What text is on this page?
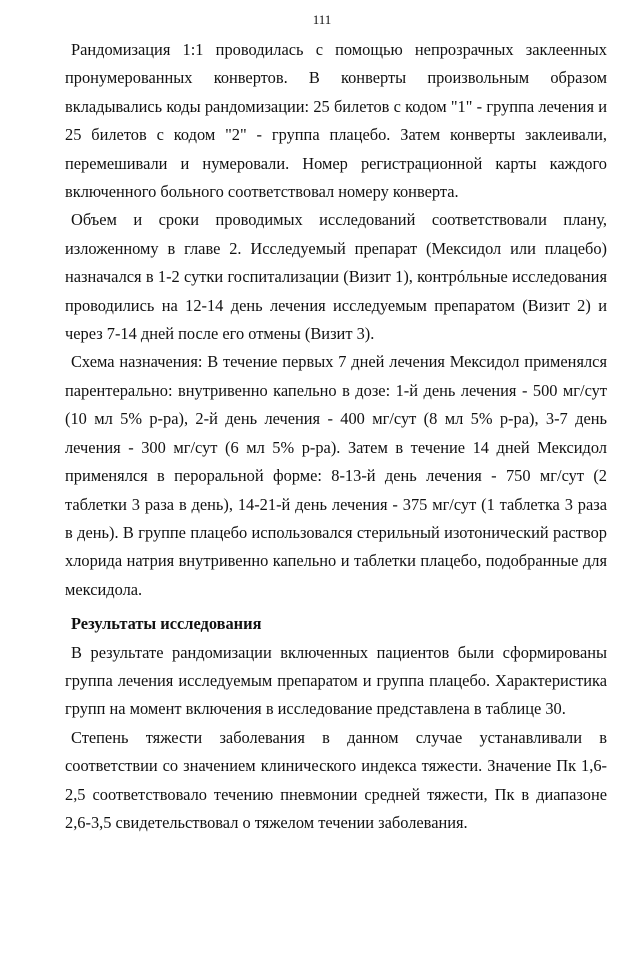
111

Рандомизация 1:1 проводилась с помощью непрозрачных заклеенных пронумерованных конвертов. В конверты произвольным образом вкладывались коды рандомизации: 25 билетов с кодом "1" - группа лечения и 25 билетов с кодом "2" - группа плацебо. Затем конверты заклеивали, перемешивали и нумеровали. Номер регистрационной карты каждого включенного больного соответствовал номеру конверта.

Объем и сроки проводимых исследований соответствовали плану, изложенному в главе 2. Исследуемый препарат (Мексидол или плацебо) назначался в 1-2 сутки госпитализации (Визит 1), контрóльные исследования проводились на 12-14 день лечения исследуемым препаратом (Визит 2) и через 7-14 дней после его отмены (Визит 3).

Схема назначения: В течение первых 7 дней лечения Мексидол применялся парентерально: внутривенно капельно в дозе: 1-й день лечения - 500 мг/сут (10 мл 5% р-ра), 2-й день лечения - 400 мг/сут (8 мл 5% р-ра), 3-7 день лечения - 300 мг/сут (6 мл 5% р-ра). Затем в течение 14 дней Мексидол применялся в пероральной форме: 8-13-й день лечения - 750 мг/сут (2 таблетки 3 раза в день), 14-21-й день лечения - 375 мг/сут (1 таблетка 3 раза в день). В группе плацебо использовался стерильный изотонический раствор хлорида натрия внутривенно капельно и таблетки плацебо, подобранные для мексидола.

Результаты исследования

В результате рандомизации включенных пациентов были сформированы группа лечения исследуемым препаратом и группа плацебо. Характеристика групп на момент включения в исследование представлена в таблице 30.

Степень тяжести заболевания в данном случае устанавливали в соответствии со значением клинического индекса тяжести. Значение Пк 1,6-2,5 соответствовало течению пневмонии средней тяжести, Пк в диапазоне 2,6-3,5 свидетельствовал о тяжелом течении заболевания.
